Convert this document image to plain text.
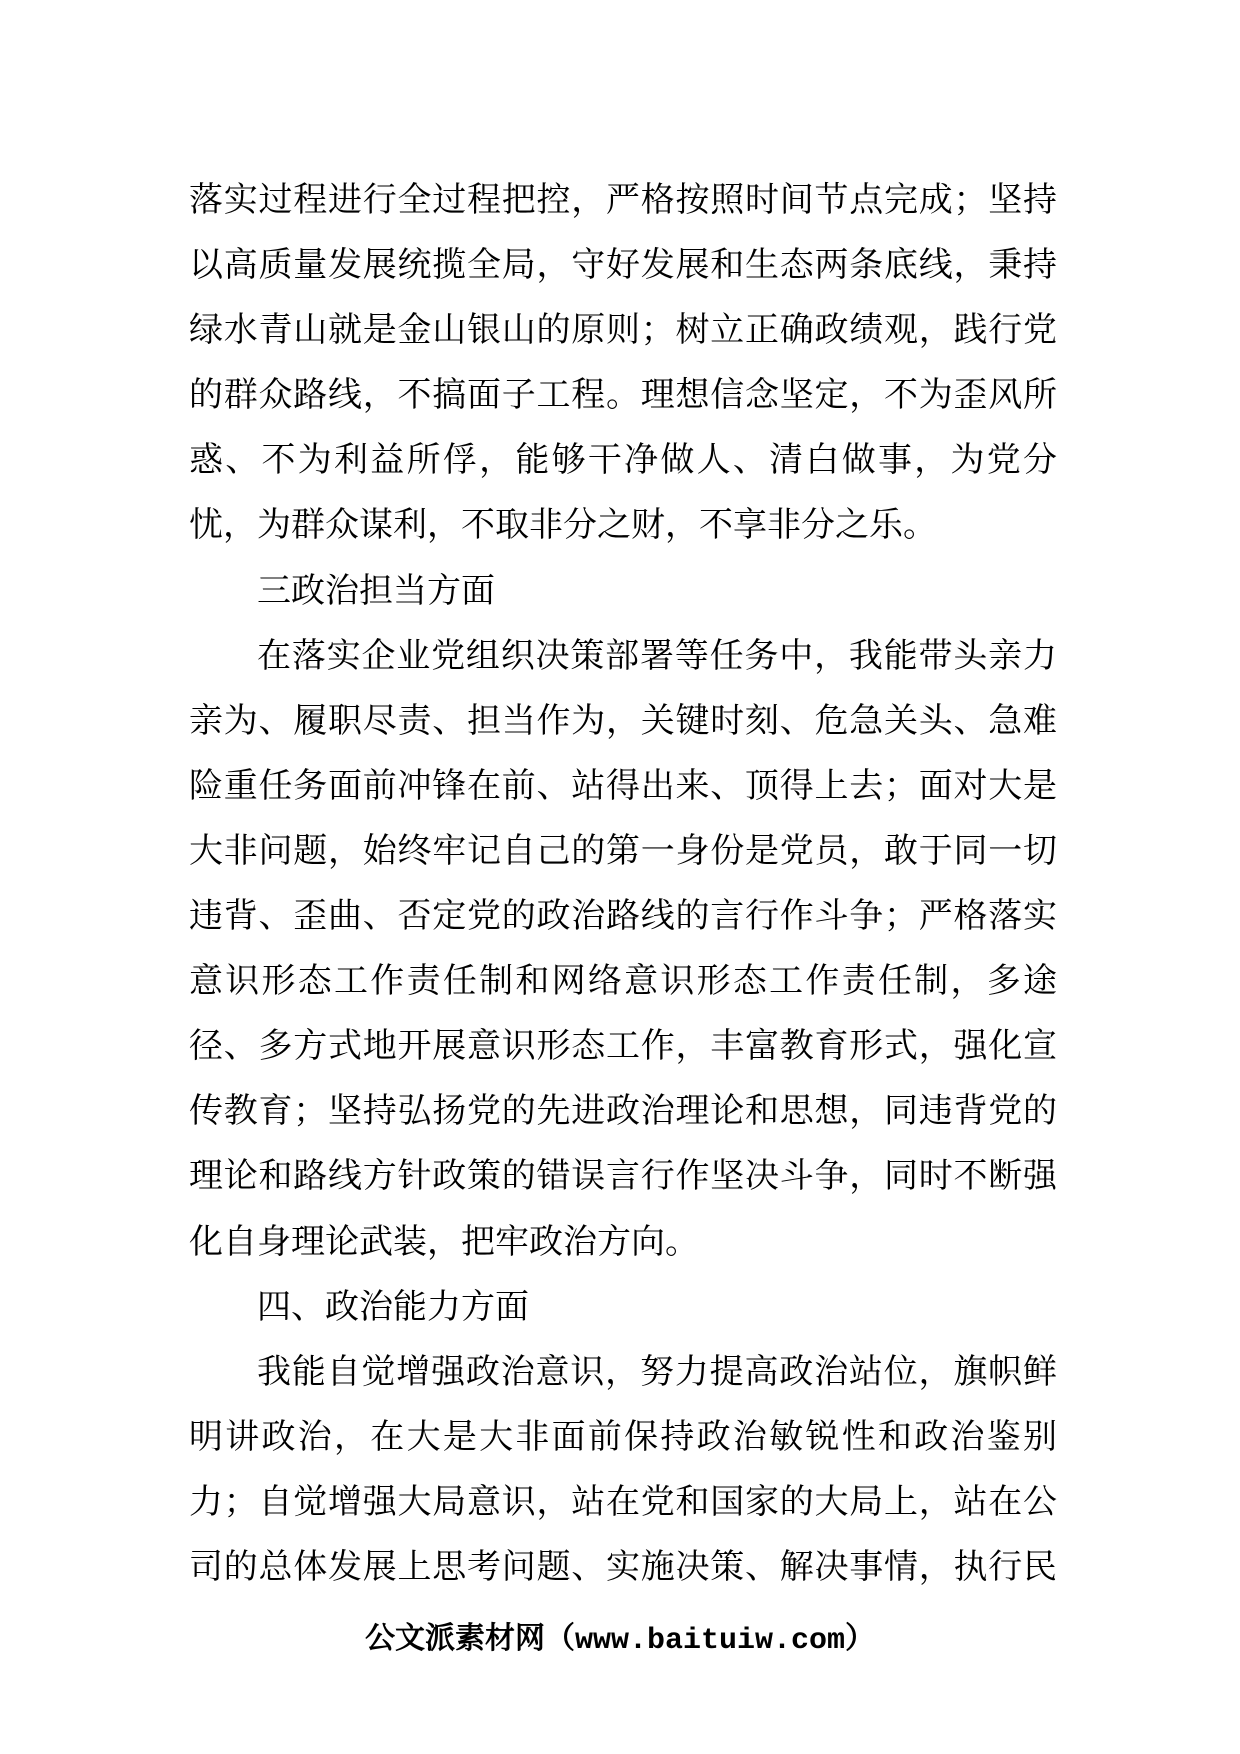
落实过程进行全过程把控，严格按照时间节点完成；坚持
以高质量发展统揽全局，守好发展和生态两条底线，秉持
绿水青山就是金山银山的原则；树立正确政绩观，践行党
的群众路线，不搞面子工程。理想信念坚定，不为歪风所
惑、不为利益所俘，能够干净做人、清白做事，为党分
忧，为群众谋利，不取非分之财，不享非分之乐。
三政治担当方面
在落实企业党组织决策部署等任务中，我能带头亲力
亲为、履职尽责、担当作为，关键时刻、危急关头、急难
险重任务面前冲锋在前、站得出来、顶得上去；面对大是
大非问题，始终牢记自己的第一身份是党员，敢于同一切
违背、歪曲、否定党的政治路线的言行作斗争；严格落实
意识形态工作责任制和网络意识形态工作责任制，多途
径、多方式地开展意识形态工作，丰富教育形式，强化宣
传教育；坚持弘扬党的先进政治理论和思想，同违背党的
理论和路线方针政策的错误言行作坚决斗争，同时不断强
化自身理论武装，把牢政治方向。
四、政治能力方面
我能自觉增强政治意识，努力提高政治站位，旗帜鲜
明讲政治，在大是大非面前保持政治敏锐性和政治鉴别
力；自觉增强大局意识，站在党和国家的大局上，站在公
司的总体发展上思考问题、实施决策、解决事情，执行民
公文派素材网（www.baituiw.com）
